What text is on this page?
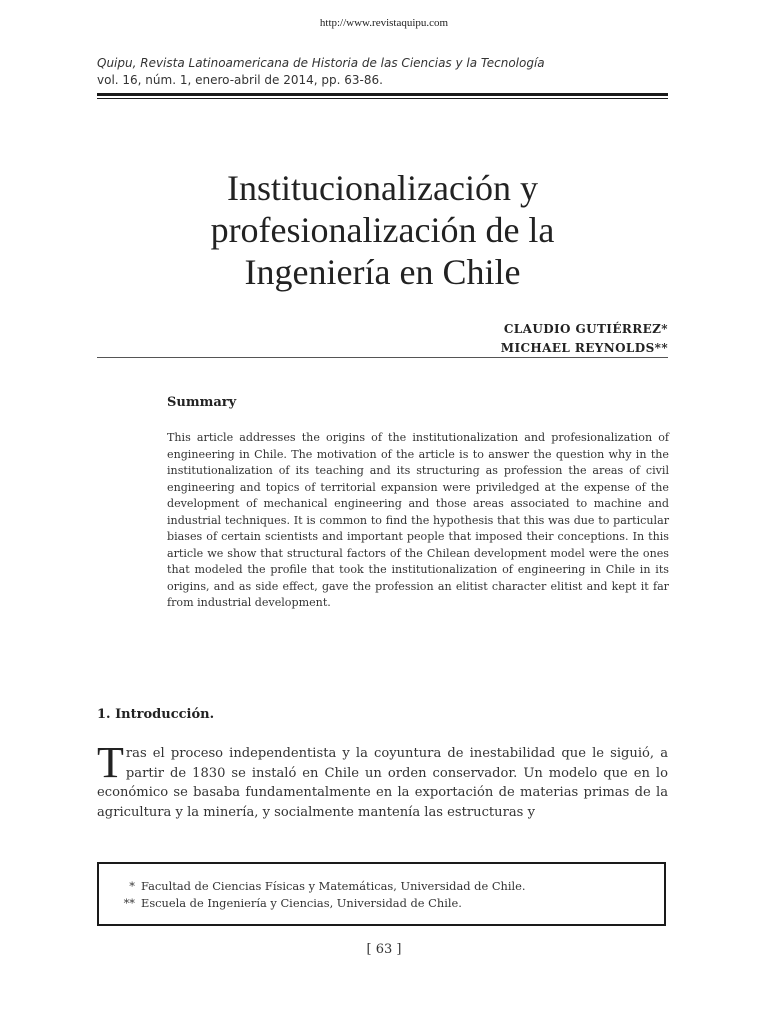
http://www.revistaquipu.com
Quipu, Revista Latinoamericana de Historia de las Ciencias y la Tecnología
vol. 16, núm. 1, enero-abril de 2014, pp. 63-86.
Institucionalización y
profesionalización de la
Ingeniería en Chile
CLAUDIO GUTIÉRREZ*
MICHAEL REYNOLDS**
Summary
This article addresses the origins of the institutionalization and profesionalization of engineering in Chile. The motivation of the article is to answer the question why in the institutionalization of its teaching and its structuring as profession the areas of civil engineering and topics of territorial expansion were priviledged at the expense of the development of mechanical engineering and those areas associated to machine and industrial techniques. It is common to find the hypothesis that this was due to particular biases of certain scientists and important people that imposed their conceptions. In this article we show that structural factors of the Chilean development model were the ones that modeled the profile that took the institutionalization of engineering in Chile in its origins, and as side effect, gave the profession an elitist character elitist and kept it far from industrial development.
1. Introducción.
Tras el proceso independentista y la coyuntura de inestabilidad que le siguió, a partir de 1830 se instaló en Chile un orden conservador. Un modelo que en lo económico se basaba fundamentalmente en la exportación de materias primas de la agricultura y la minería, y socialmente mantenía las estructuras y
* Facultad de Ciencias Físicas y Matemáticas, Universidad de Chile.
** Escuela de Ingeniería y Ciencias, Universidad de Chile.
[ 63 ]
